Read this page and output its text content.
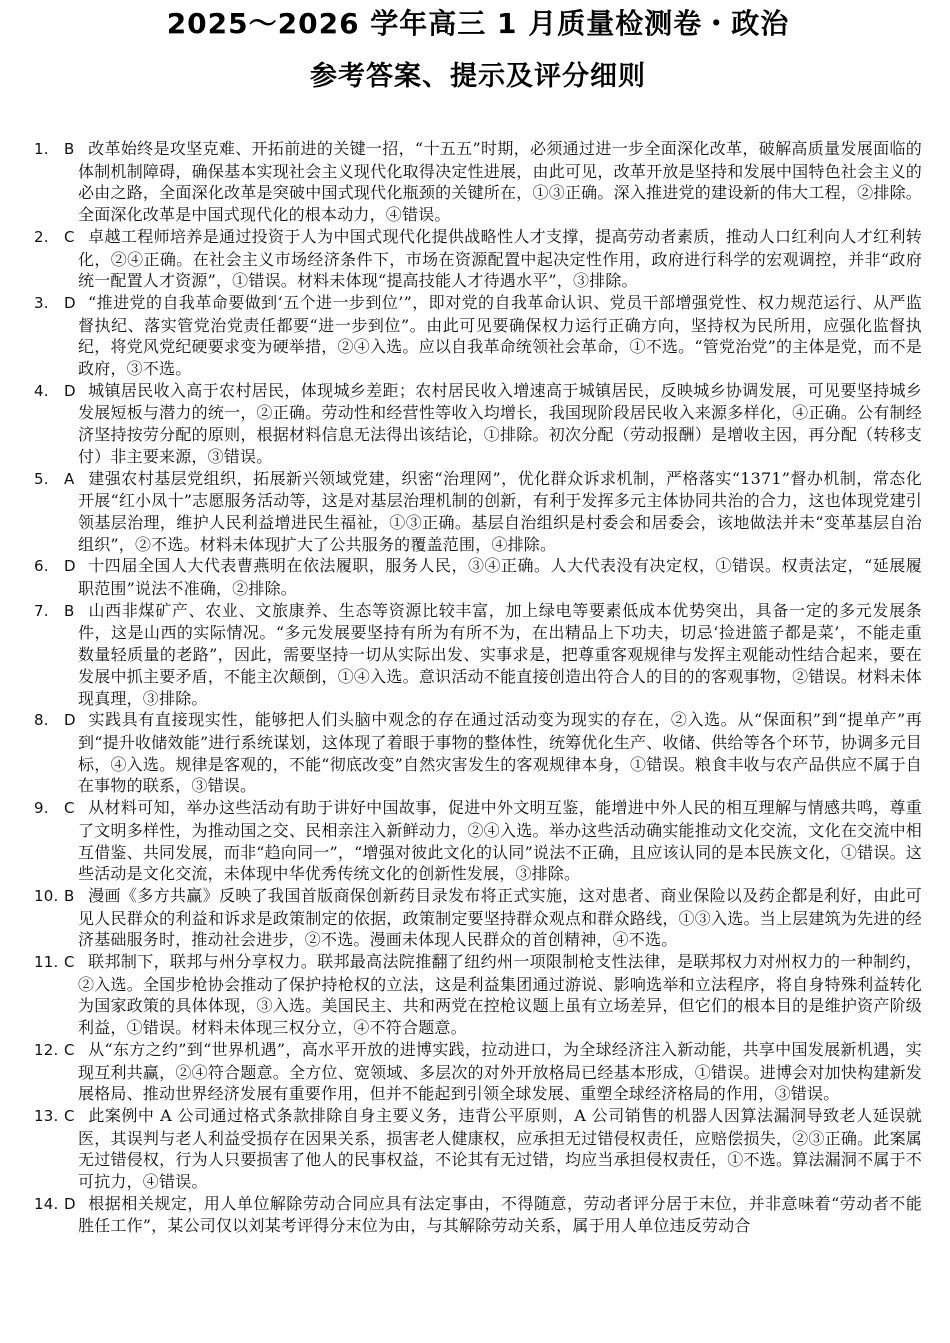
2025～2026 学年高三 1 月质量检测卷・政治
参考答案、提示及评分细则

1. B 改革始终是攻坚克难、开拓前进的关键一招，“十五五”时期，必须通过进一步全面深化改革，破解高质量发展面临的体制机制障碍，确保基本实现社会主义现代化取得决定性进展，由此可见，改革开放是坚持和发展中国特色社会主义的必由之路，全面深化改革是突破中国式现代化瓶颈的关键所在，①③正确。深入推进党的建设新的伟大工程，②排除。全面深化改革是中国式现代化的根本动力，④错误。

2. C 卓越工程师培养是通过投资于人为中国式现代化提供战略性人才支撑，提高劳动者素质，推动人口红利向人才红利转化，②④正确。在社会主义市场经济条件下，市场在资源配置中起决定性作用，政府进行科学的宏观调控，并非“政府统一配置人才资源”，①错误。材料未体现“提高技能人才待遇水平”，③排除。

3. D “推进党的自我革命要做到‘五个进一步到位’”，即对党的自我革命认识、党员干部增强党性、权力规范运行、从严监督执纪、落实管党治党责任都要“进一步到位”。由此可见要确保权力运行正确方向，坚持权为民所用，应强化监督执纪，将党风党纪硬要求变为硬举措，②④入选。应以自我革命统领社会革命，①不选。“管党治党”的主体是党，而不是政府，③不选。

4. D 城镇居民收入高于农村居民，体现城乡差距；农村居民收入增速高于城镇居民，反映城乡协调发展，可见要坚持城乡发展短板与潜力的统一，②正确。劳动性和经营性等收入均增长，我国现阶段居民收入来源多样化，④正确。公有制经济坚持按劳分配的原则，根据材料信息无法得出该结论，①排除。初次分配（劳动报酬）是增收主因，再分配（转移支付）非主要来源，③错误。

5. A 建强农村基层党组织，拓展新兴领域党建，织密“治理网”，优化群众诉求机制，严格落实“1371”督办机制，常态化开展“红小凤十”志愿服务活动等，这是对基层治理机制的创新，有利于发挥多元主体协同共治的合力，这也体现党建引领基层治理，维护人民利益增进民生福祉，①③正确。基层自治组织是村委会和居委会，该地做法并未“变革基层自治组织”，②不选。材料未体现扩大了公共服务的覆盖范围，④排除。

6. D 十四届全国人大代表曹燕明在依法履职，服务人民，③④正确。人大代表没有决定权，①错误。权责法定，“延展履职范围”说法不准确，②排除。

7. B 山西非煤矿产、农业、文旅康养、生态等资源比较丰富，加上绿电等要素低成本优势突出，具备一定的多元发展条件，这是山西的实际情况。“多元发展要坚持有所为有所不为，在出精品上下功夫，切忌‘捡进篮子都是菜’，不能走重数量轻质量的老路”，因此，需要坚持一切从实际出发、实事求是，把尊重客观规律与发挥主观能动性结合起来，要在发展中抓主要矛盾，不能主次颠倒，①④入选。意识活动不能直接创造出符合人的目的的客观事物，②错误。材料未体现真理，③排除。

8. D 实践具有直接现实性，能够把人们头脑中观念的存在通过活动变为现实的存在，②入选。从“保面积”到“提单产”再到“提升收储效能”进行系统谋划，这体现了着眼于事物的整体性，统筹优化生产、收储、供给等各个环节，协调多元目标，④入选。规律是客观的，不能“彻底改变”自然灾害发生的客观规律本身，①错误。粮食丰收与农产品供应不属于自在事物的联系，③错误。

9. C 从材料可知，举办这些活动有助于讲好中国故事，促进中外文明互鉴，能增进中外人民的相互理解与情感共鸣，尊重了文明多样性，为推动国之交、民相亲注入新鲜动力，②④入选。举办这些活动确实能推动文化交流，文化在交流中相互借鉴、共同发展，而非“趋向同一”，“增强对彼此文化的认同”说法不正确，且应该认同的是本民族文化，①错误。这些活动是文化交流，未体现中华优秀传统文化的创新性发展，③排除。

10. B 漫画《多方共赢》反映了我国首版商保创新药目录发布将正式实施，这对患者、商业保险以及药企都是利好，由此可见人民群众的利益和诉求是政策制定的依据，政策制定要坚持群众观点和群众路线，①③入选。当上层建筑为先进的经济基础服务时，推动社会进步，②不选。漫画未体现人民群众的首创精神，④不选。

11. C 联邦制下，联邦与州分享权力。联邦最高法院推翻了纽约州一项限制枪支性法律，是联邦权力对州权力的一种制约，②入选。全国步枪协会推动了保护持枪权的立法，这是利益集团通过游说、影响选举和立法程序，将自身特殊利益转化为国家政策的具体体现，③入选。美国民主、共和两党在控枪议题上虽有立场差异，但它们的根本目的是维护资产阶级利益，①错误。材料未体现三权分立，④不符合题意。

12. C 从“东方之约”到“世界机遇”，高水平开放的进博实践，拉动进口，为全球经济注入新动能，共享中国发展新机遇，实现互利共赢，②④符合题意。全方位、宽领域、多层次的对外开放格局已经基本形成，①错误。进博会对加快构建新发展格局、推动世界经济发展有重要作用，但并不能起到引领全球发展、重塑全球经济格局的作用，③错误。

13. C 此案例中 A 公司通过格式条款排除自身主要义务，违背公平原则，A 公司销售的机器人因算法漏洞导致老人延误就医，其误判与老人利益受损存在因果关系，损害老人健康权，应承担无过错侵权责任，应赔偿损失，②③正确。此案属无过错侵权，行为人只要损害了他人的民事权益，不论其有无过错，均应当承担侵权责任，①不选。算法漏洞不属于不可抗力，④错误。

14. D 根据相关规定，用人单位解除劳动合同应具有法定事由，不得随意，劳动者评分居于末位，并非意味着“劳动者不能胜任工作”，某公司仅以刘某考评得分末位为由，与其解除劳动关系，属于用人单位违反劳动合
